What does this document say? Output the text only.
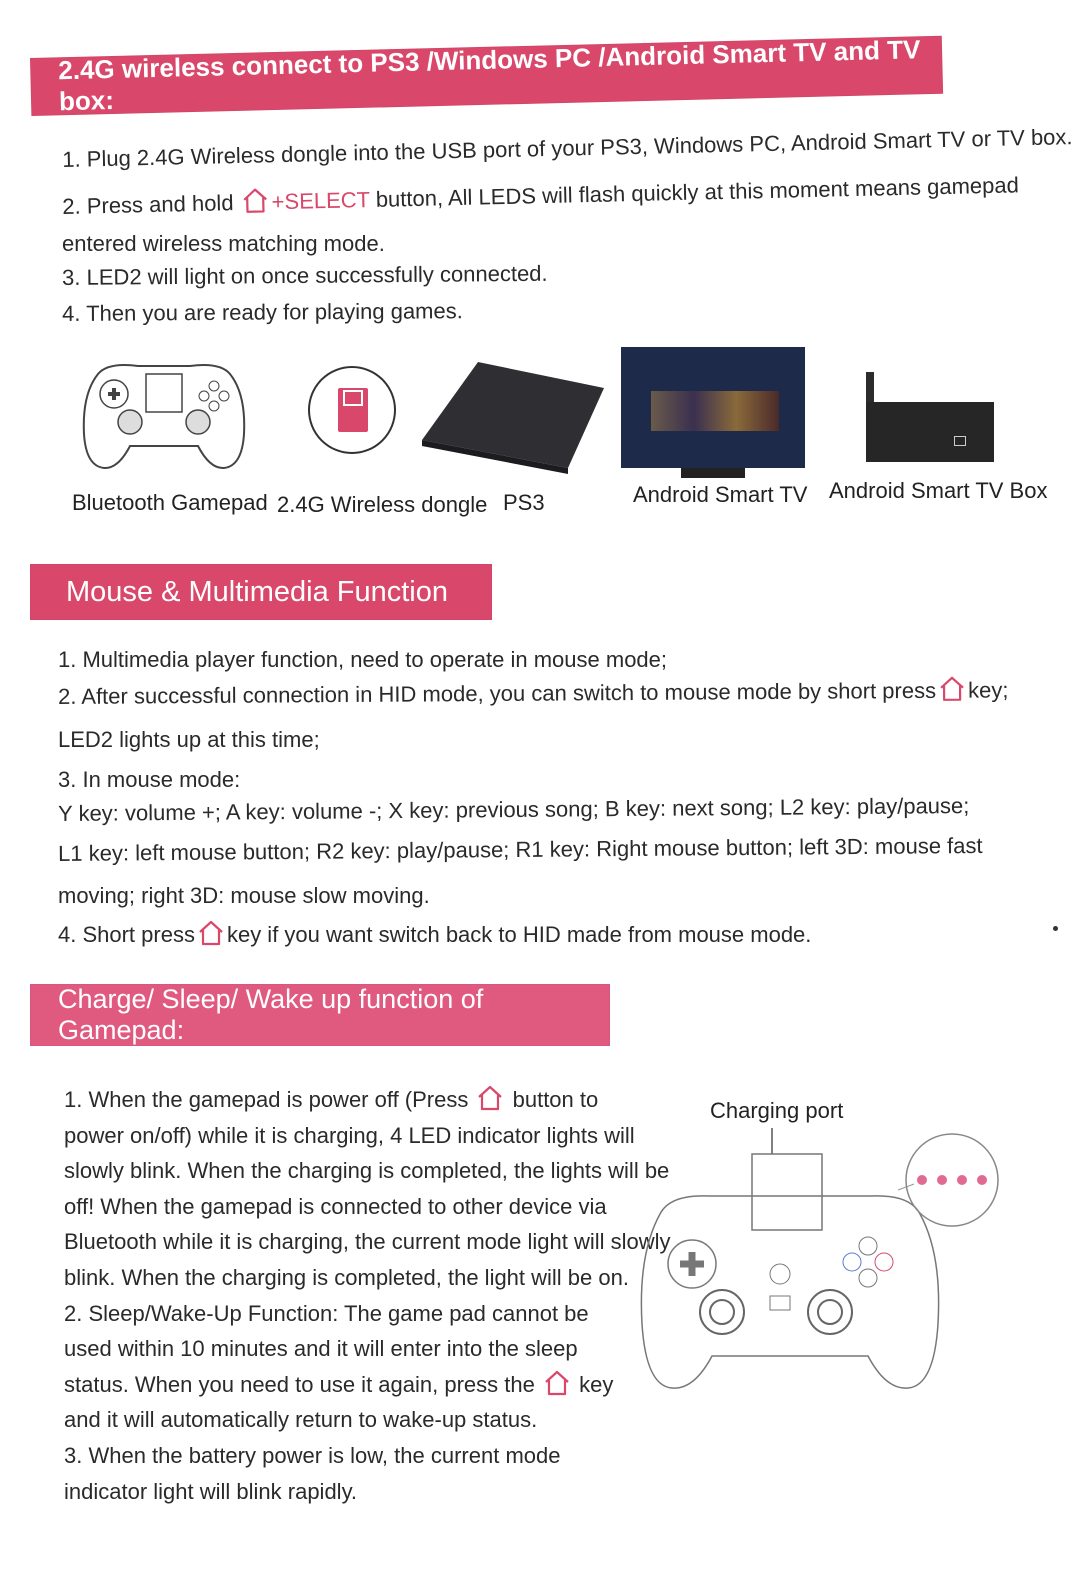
2.4G wireless connect to PS3 /Windows PC /Android Smart TV and TV box:
1. Plug 2.4G Wireless dongle into the USB port of your PS3, Windows PC, Android Smart TV or TV box.
2. Press and hold +SELECT button, All LEDS will flash quickly at this moment means gamepad
entered wireless matching mode.
3. LED2 will light on once successfully connected.
4. Then you are ready for playing games.
Bluetooth Gamepad 2.4G Wireless dongle PS3	Android Smart TV Android Smart TV Box
Mouse & Multimedia Function
1. Multimedia player function, need to operate in mouse mode;
2. After successful connection in HID mode, you can switch to mouse mode by short press key;
LED2 lights up at this time;
3. In mouse mode:
Y key: volume +; A key: volume -; X key: previous song; B key: next song; L2 key: play/pause;
L1 key: left mouse button; R2 key: play/pause; R1 key: Right mouse button; left 3D: mouse fast
moving; right 3D: mouse slow moving.
4. Short press key if you want switch back to HID made from mouse mode.
Charge/ Sleep/ Wake up function of Gamepad:

1. When the gamepad is power off (Press button to

power on/off) while it is charging, 4 LED indicator lights will

slowly blink. When the charging is completed, the lights will be

off! When the gamepad is connected to other device via

Bluetooth while it is charging, the current mode light will slowly

blink. When the charging is completed, the light will be on.

2. Sleep/Wake-Up Function: The game pad cannot be

used within 10 minutes and it will enter into the sleep

status. When you need to use it again, press the key

and it will automatically return to wake-up status.

3. When the battery power is low, the current mode

indicator light will blink rapidly.

Charging port
